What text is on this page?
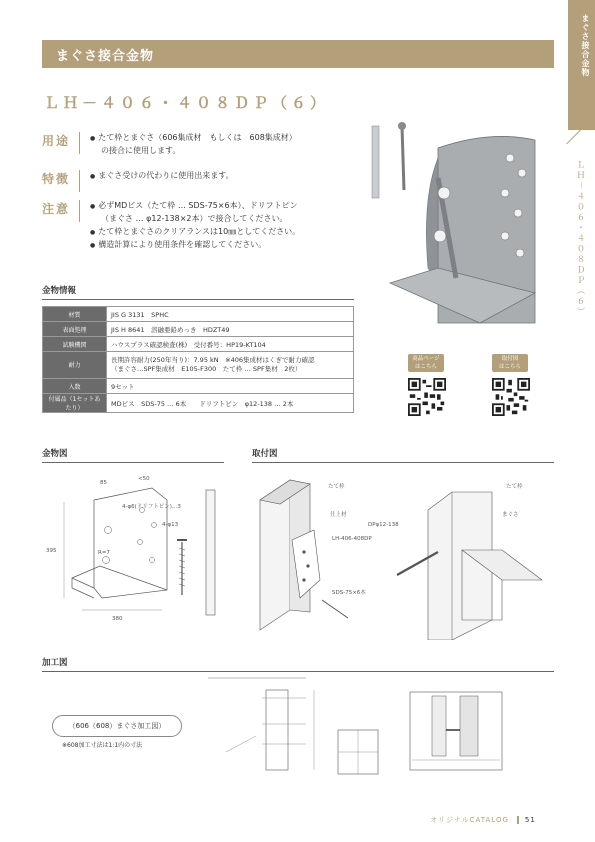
まぐさ接合金物
ＬＨ－４０６・４０８ＤＰ（６）
まぐさ接合金物
ＬＨ－４０６・４０８ＤＰ（６）
用途	● たて枠とまぐさ（606集成材　もしくは　608集成材）
の接合に使用します。
特徴	● まぐさ受けの代わりに使用出来ます。
注意	● 必ずMDビス（たて枠 … SDS-75×6本）、ドリフトピン
（まぐさ … φ12-138×2本）で接合してください。
● たて枠とまぐさのクリアランスは10㎜としてください。
● 構造計算により使用条件を確認してください。
金物情報
材質	JIS G 3131　SPHC
表面処理	JIS H 8641　溶融亜鉛めっき　HDZT49
試験機関	ハウスプラス確認検査(株)　受付番号：HP19-KT104
耐力	長期許容耐力(250年当り)：7.95 kN　※406集成材はくぎで耐力確認
（まぐさ…SPF集成材　E105-F300　たて枠 … SPF集材　2枚）

入数	9セット
付属品（1セットあたり）	MDビス　SDS-75 … 6本　　ドリフトピン　φ12-138 … 2本
商品ページ
はこちら
取付図
はこちら
金物図	取付図
加工図
85
<50
4-φ6(ドリフトピン)…3
4-φ13
395	R=7
380
たて枠
仕上材
LH-406-408DP
SDS-75×6本
DPφ12-138
たて枠
まぐさ
（606（608）まぐさ加工図）
※608加工寸法は1:1内の寸法
オリジナルCATALOG 51
